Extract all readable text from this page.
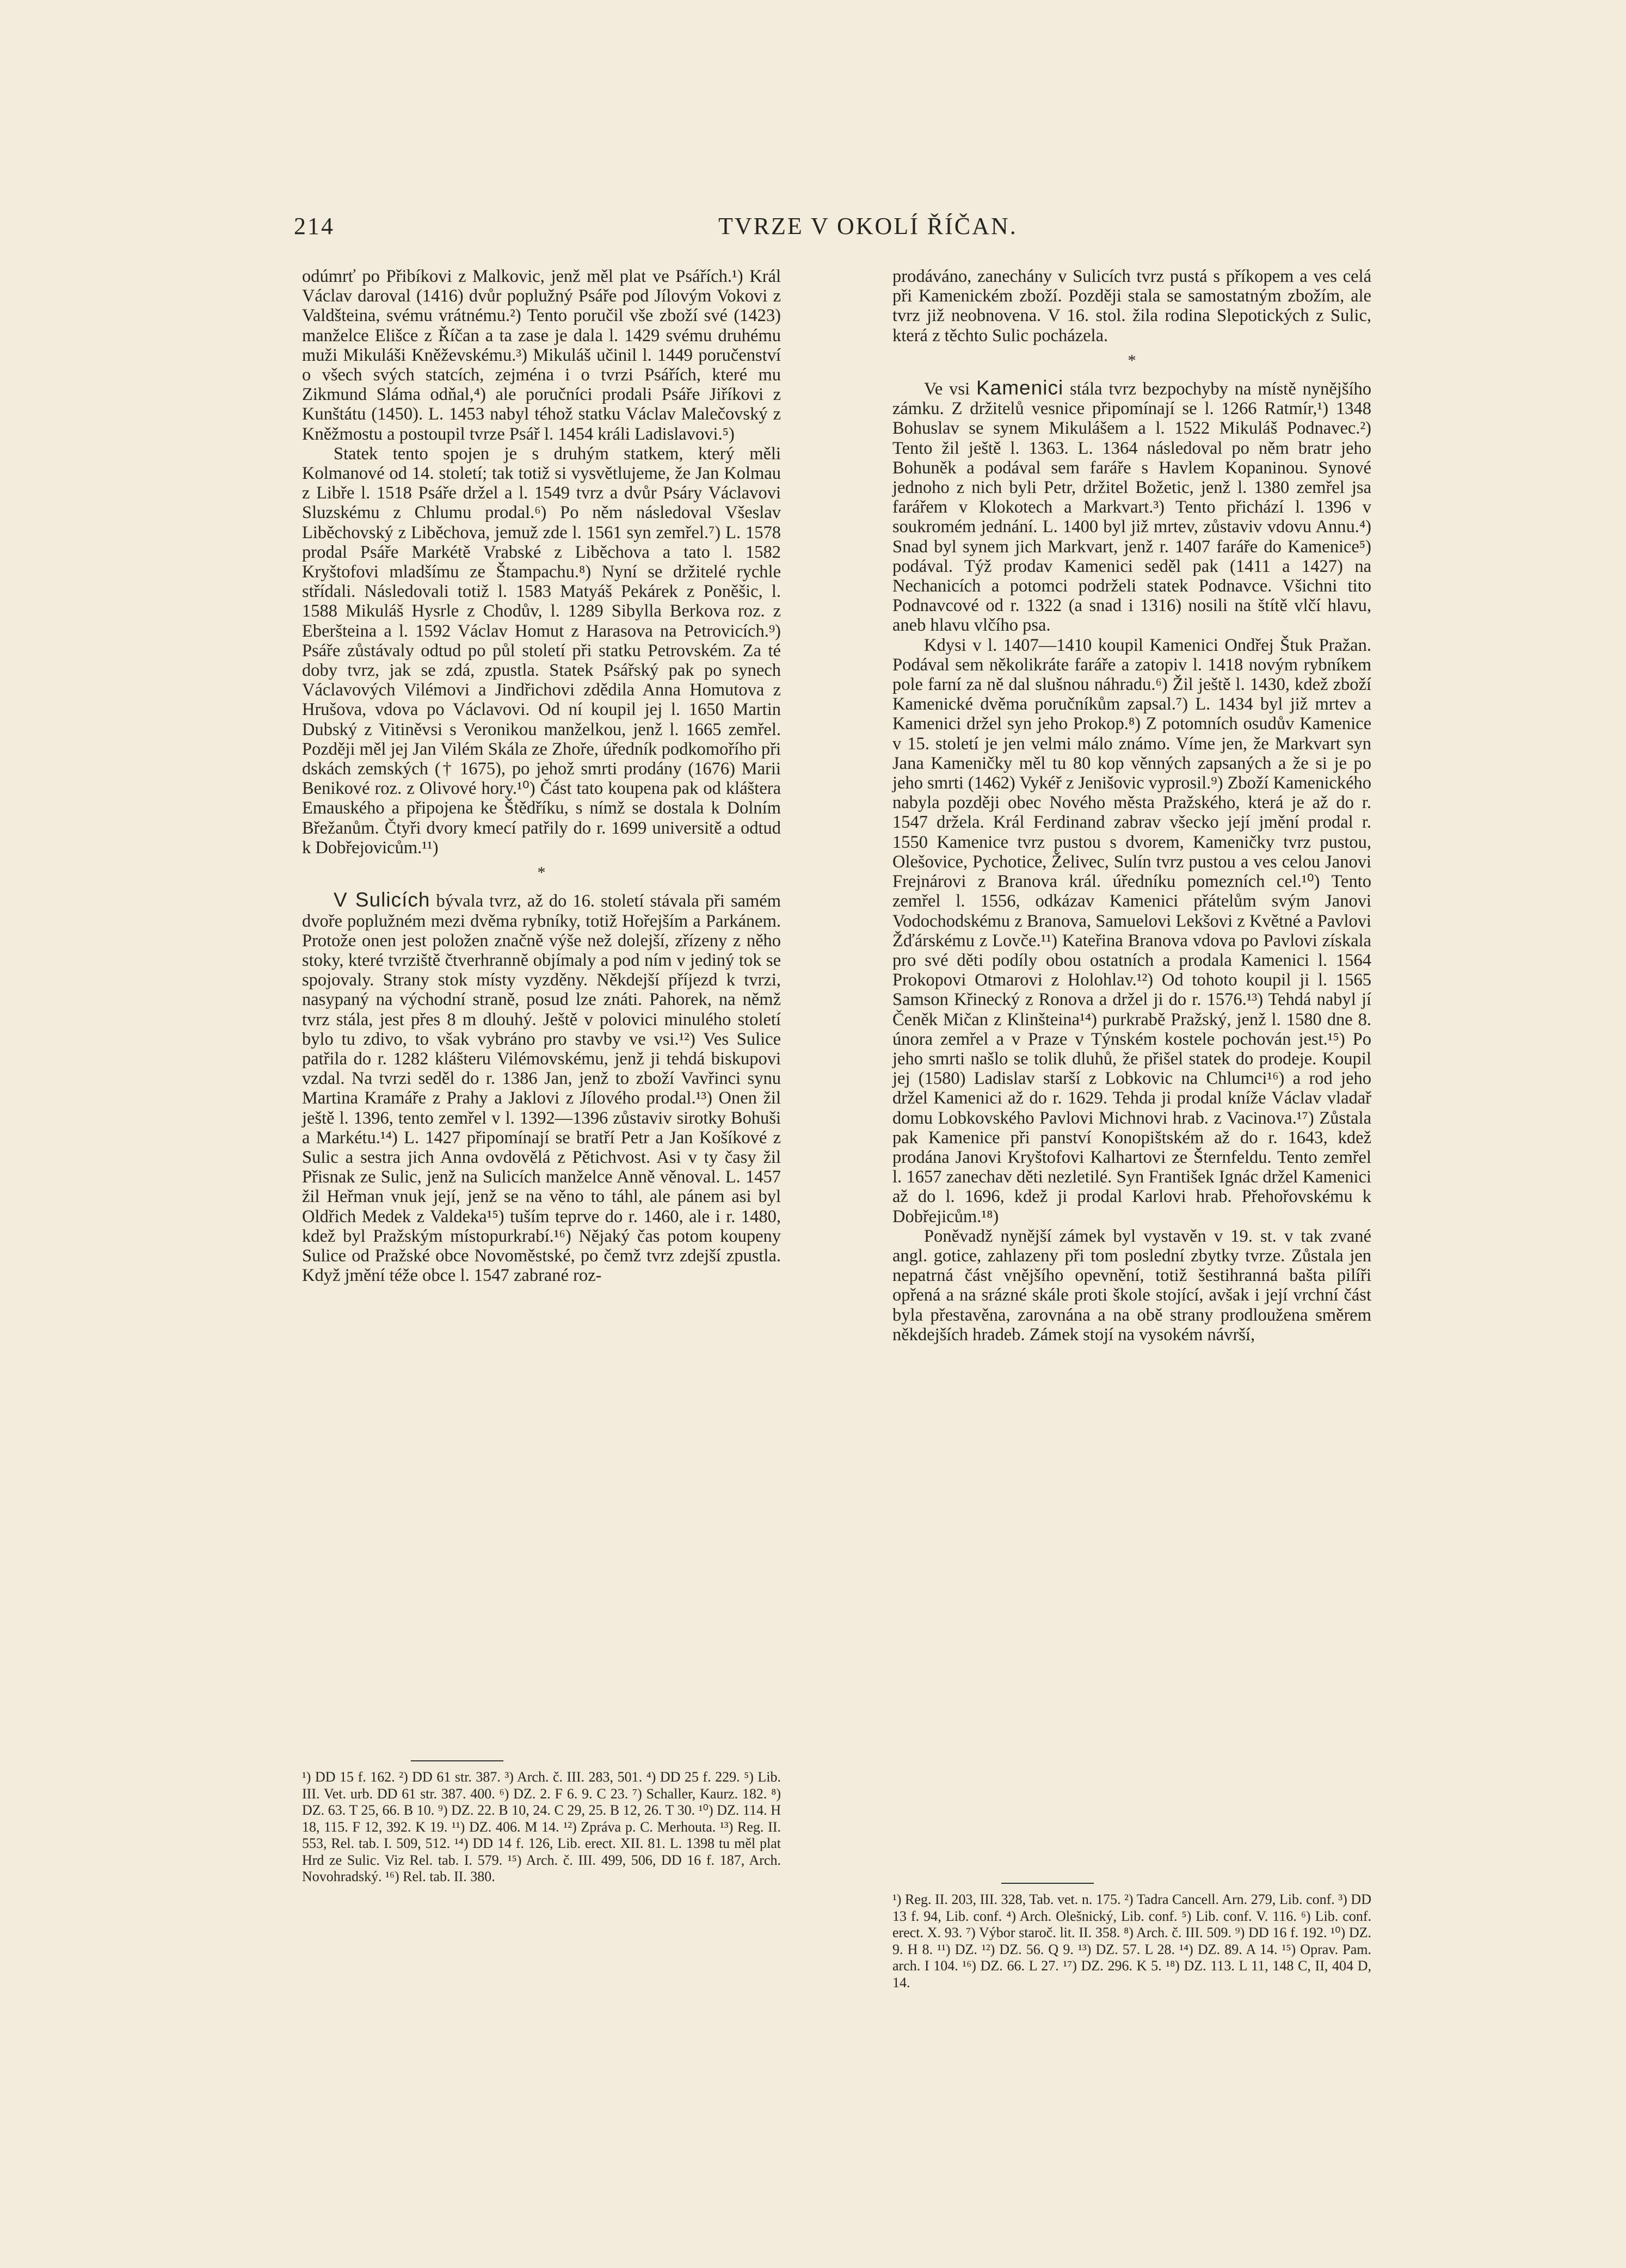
214	TVRZE V OKOLÍ ŘÍČAN.

odúmrť po Přibíkovi z Malkovic, jenž měl plat ve Psářích.¹) Král Václav daroval (1416) dvůr poplužný Psáře pod Jílovým Vokovi z Valdšteina, svému vrátnému.²) Tento poručil vše zboží své (1423) manželce Elišce z Říčan a ta zase je dala l. 1429 svému druhému muži Mikuláši Kněževskému.³) Mikuláš učinil l. 1449 poručenství o všech svých statcích, zejména i o tvrzi Psářích, které mu Zikmund Sláma odňal,⁴) ale poručníci prodali Psáře Jiříkovi z Kunštátu (1450). L. 1453 nabyl téhož statku Václav Malečovský z Kněžmostu a postoupil tvrze Psář l. 1454 králi Ladislavovi.⁵)

Statek tento spojen je s druhým statkem, který měli Kolmanové od 14. století; tak totiž si vysvětlujeme, že Jan Kolmau z Libře l. 1518 Psáře držel a l. 1549 tvrz a dvůr Psáry Václavovi Sluzskému z Chlumu prodal.⁶) Po něm následoval Všeslav Liběchovský z Liběchova, jemuž zde l. 1561 syn zemřel.⁷) L. 1578 prodal Psáře Markétě Vrabské z Liběchova a tato l. 1582 Kryštofovi mladšímu ze Štampachu.⁸) Nyní se držitelé rychle střídali. Následovali totiž l. 1583 Matyáš Pekárek z Poněšic, l. 1588 Mikuláš Hysrle z Chodův, l. 1289 Sibylla Berkova roz. z Eberšteina a l. 1592 Václav Homut z Harasova na Petrovicích.⁹) Psáře zůstávaly odtud po půl století při statku Petrovském. Za té doby tvrz, jak se zdá, zpustla. Statek Psářský pak po synech Václavových Vilémovi a Jindřichovi zdědila Anna Homutova z Hrušova, vdova po Václavovi. Od ní koupil jej l. 1650 Martin Dubský z Vitiněvsi s Veronikou manželkou, jenž l. 1665 zemřel. Později měl jej Jan Vilém Skála ze Zhoře, úředník podkomořího při dskách zemských († 1675), po jehož smrti prodány (1676) Marii Benikové roz. z Olivové hory.¹⁰) Část tato koupena pak od kláštera Emauského a připojena ke Štědříku, s nímž se dostala k Dolním Břežanům. Čtyři dvory kmecí patřily do r. 1699 universitě a odtud k Dobřejovicům.¹¹)

*

V Sulicích bývala tvrz, až do 16. století stávala při samém dvoře poplužném mezi dvěma rybníky, totiž Hořejším a Parkánem. Protože onen jest položen značně výše než dolejší, zřízeny z něho stoky, které tvrziště čtverhranně objímaly a pod ním v jediný tok se spojovaly. Strany stok místy vyzděny. Někdejší příjezd k tvrzi, nasypaný na východní straně, posud lze znáti. Pahorek, na němž tvrz stála, jest přes 8 m dlouhý. Ještě v polovici minulého století bylo tu zdivo, to však vybráno pro stavby ve vsi.¹²) Ves Sulice patřila do r. 1282 klášteru Vilémovskému, jenž ji tehdá biskupovi vzdal. Na tvrzi seděl do r. 1386 Jan, jenž to zboží Vavřinci synu Martina Kramáře z Prahy a Jaklovi z Jílového prodal.¹³) Onen žil ještě l. 1396, tento zemřel v l. 1392—1396 zůstaviv sirotky Bohuši a Markétu.¹⁴) L. 1427 připomínají se bratří Petr a Jan Košíkové z Sulic a sestra jich Anna ovdovělá z Pětichvost. Asi v ty časy žil Přisnak ze Sulic, jenž na Sulicích manželce Anně věnoval. L. 1457 žil Heřman vnuk její, jenž se na věno to táhl, ale pánem asi byl Oldřich Medek z Valdeka¹⁵) tuším teprve do r. 1460, ale i r. 1480, kdež byl Pražským místopurkrabí.¹⁶) Nějaký čas potom koupeny Sulice od Pražské obce Novoměstské, po čemž tvrz zdejší zpustla. Když jmění téže obce l. 1547 zabrané roz-

¹) DD 15 f. 162. ²) DD 61 str. 387. ³) Arch. č. III. 283, 501. ⁴) DD 25 f. 229. ⁵) Lib. III. Vet. urb. DD 61 str. 387. 400. ⁶) DZ. 2. F 6. 9. C 23. ⁷) Schaller, Kaurz. 182. ⁸) DZ. 63. T 25, 66. B 10. ⁹) DZ. 22. B 10, 24. C 29, 25. B 12, 26. T 30. ¹⁰) DZ. 114. H 18, 115. F 12, 392. K 19. ¹¹) DZ. 406. M 14. ¹²) Zpráva p. C. Merhouta. ¹³) Reg. II. 553, Rel. tab. I. 509, 512. ¹⁴) DD 14 f. 126, Lib. erect. XII. 81. L. 1398 tu měl plat Hrd ze Sulic. Viz Rel. tab. I. 579. ¹⁵) Arch. č. III. 499, 506, DD 16 f. 187, Arch. Novohradský. ¹⁶) Rel. tab. II. 380.

prodáváno, zanechány v Sulicích tvrz pustá s příkopem a ves celá při Kamenickém zboží. Později stala se samostatným zbožím, ale tvrz již neobnovena. V 16. stol. žila rodina Slepotických z Sulic, která z těchto Sulic pocházela.

*

Ve vsi Kamenici stála tvrz bezpochyby na místě nynějšího zámku. Z držitelů vesnice připomínají se l. 1266 Ratmír,¹) 1348 Bohuslav se synem Mikulášem a l. 1522 Mikuláš Podnavec.²) Tento žil ještě l. 1363. L. 1364 následoval po něm bratr jeho Bohuněk a podával sem faráře s Havlem Kopaninou. Synové jednoho z nich byli Petr, držitel Božetic, jenž l. 1380 zemřel jsa farářem v Klokotech a Markvart.³) Tento přichází l. 1396 v soukromém jednání. L. 1400 byl již mrtev, zůstaviv vdovu Annu.⁴) Snad byl synem jich Markvart, jenž r. 1407 faráře do Kamenice⁵) podával. Týž prodav Kamenici seděl pak (1411 a 1427) na Nechanicích a potomci podrželi statek Podnavce. Všichni tito Podnavcové od r. 1322 (a snad i 1316) nosili na štítě vlčí hlavu, aneb hlavu vlčího psa.

Kdysi v l. 1407—1410 koupil Kamenici Ondřej Štuk Pražan. Podával sem několikráte faráře a zatopiv l. 1418 novým rybníkem pole farní za ně dal slušnou náhradu.⁶) Žil ještě l. 1430, kdež zboží Kamenické dvěma poručníkům zapsal.⁷) L. 1434 byl již mrtev a Kamenici držel syn jeho Prokop.⁸) Z potomních osudův Kamenice v 15. století je jen velmi málo známo. Víme jen, že Markvart syn Jana Kameničky měl tu 80 kop věnných zapsaných a že si je po jeho smrti (1462) Vykéř z Jenišovic vyprosil.⁹) Zboží Kamenického nabyla později obec Nového města Pražského, která je až do r. 1547 držela. Král Ferdinand zabrav všecko její jmění prodal r. 1550 Kamenice tvrz pustou s dvorem, Kameničky tvrz pustou, Olešovice, Pychotice, Želivec, Sulín tvrz pustou a ves celou Janovi Frejnárovi z Branova král. úředníku pomezních cel.¹⁰) Tento zemřel l. 1556, odkázav Kamenici přátelům svým Janovi Vodochodskému z Branova, Samuelovi Lekšovi z Květné a Pavlovi Žďárskému z Lovče.¹¹) Kateřina Branova vdova po Pavlovi získala pro své děti podíly obou ostatních a prodala Kamenici l. 1564 Prokopovi Otmarovi z Holohlav.¹²) Od tohoto koupil ji l. 1565 Samson Křinecký z Ronova a držel ji do r. 1576.¹³) Tehdá nabyl jí Čeněk Mičan z Klinšteina¹⁴) purkrabě Pražský, jenž l. 1580 dne 8. února zemřel a v Praze v Týnském kostele pochován jest.¹⁵) Po jeho smrti našlo se tolik dluhů, že přišel statek do prodeje. Koupil jej (1580) Ladislav starší z Lobkovic na Chlumci¹⁶) a rod jeho držel Kamenici až do r. 1629. Tehda ji prodal kníže Václav vladař domu Lobkovského Pavlovi Michnovi hrab. z Vacinova.¹⁷) Zůstala pak Kamenice při panství Konopištském až do r. 1643, kdež prodána Janovi Kryštofovi Kalhartovi ze Šternfeldu. Tento zemřel l. 1657 zanechav děti nezletilé. Syn František Ignác držel Kamenici až do l. 1696, kdež ji prodal Karlovi hrab. Přehořovskému k Dobřejicům.¹⁸)

Poněvadž nynější zámek byl vystavěn v 19. st. v tak zvané angl. gotice, zahlazeny při tom poslední zbytky tvrze. Zůstala jen nepatrná část vnějšího opevnění, totiž šestihranná bašta pilíři opřená a na srázné skále proti škole stojící, avšak i její vrchní část byla přestavěna, zarovnána a na obě strany prodloužena směrem někdejších hradeb. Zámek stojí na vysokém návrší,

¹) Reg. II. 203, III. 328, Tab. vet. n. 175. ²) Tadra Cancell. Arn. 279, Lib. conf. ³) DD 13 f. 94, Lib. conf. ⁴) Arch. Olešnický, Lib. conf. ⁵) Lib. conf. V. 116. ⁶) Lib. conf. erect. X. 93. ⁷) Výbor staroč. lit. II. 358. ⁸) Arch. č. III. 509. ⁹) DD 16 f. 192. ¹⁰) DZ. 9. H 8. ¹¹) DZ. ¹²) DZ. 56. Q 9. ¹³) DZ. 57. L 28. ¹⁴) DZ. 89. A 14. ¹⁵) Oprav. Pam. arch. I 104. ¹⁶) DZ. 66. L 27. ¹⁷) DZ. 296. K 5. ¹⁸) DZ. 113. L 11, 148 C, II, 404 D, 14.
